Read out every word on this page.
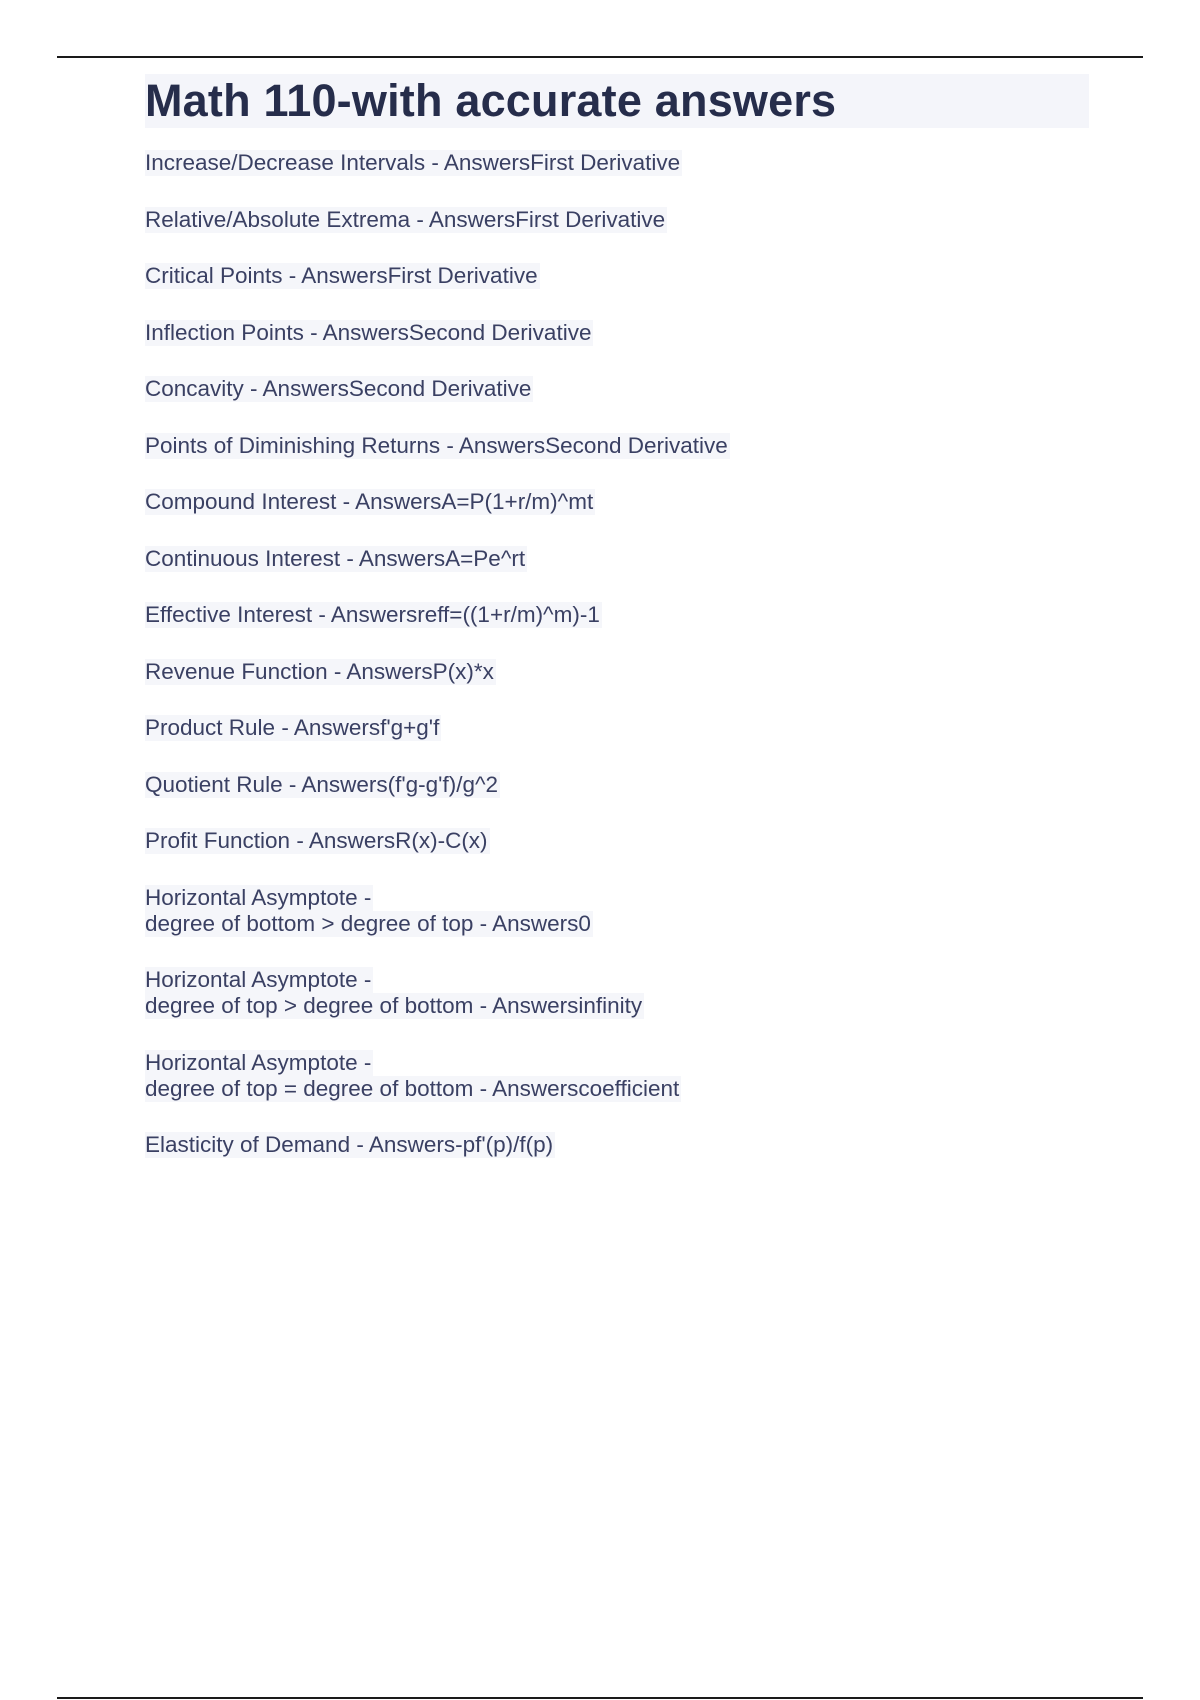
Math 110-with accurate answers
Increase/Decrease Intervals - AnswersFirst Derivative
Relative/Absolute Extrema - AnswersFirst Derivative
Critical Points - AnswersFirst Derivative
Inflection Points - AnswersSecond Derivative
Concavity - AnswersSecond Derivative
Points of Diminishing Returns - AnswersSecond Derivative
Compound Interest - AnswersA=P(1+r/m)^mt
Continuous Interest - AnswersA=Pe^rt
Effective Interest - Answersreff=((1+r/m)^m)-1
Revenue Function - AnswersP(x)*x
Product Rule - Answersf'g+g'f
Quotient Rule - Answers(f'g-g'f)/g^2
Profit Function - AnswersR(x)-C(x)
Horizontal Asymptote -
degree of bottom > degree of top - Answers0
Horizontal Asymptote -
degree of top > degree of bottom - Answersinfinity
Horizontal Asymptote -
degree of top = degree of bottom - Answerscoefficient
Elasticity of Demand - Answers-pf'(p)/f(p)
